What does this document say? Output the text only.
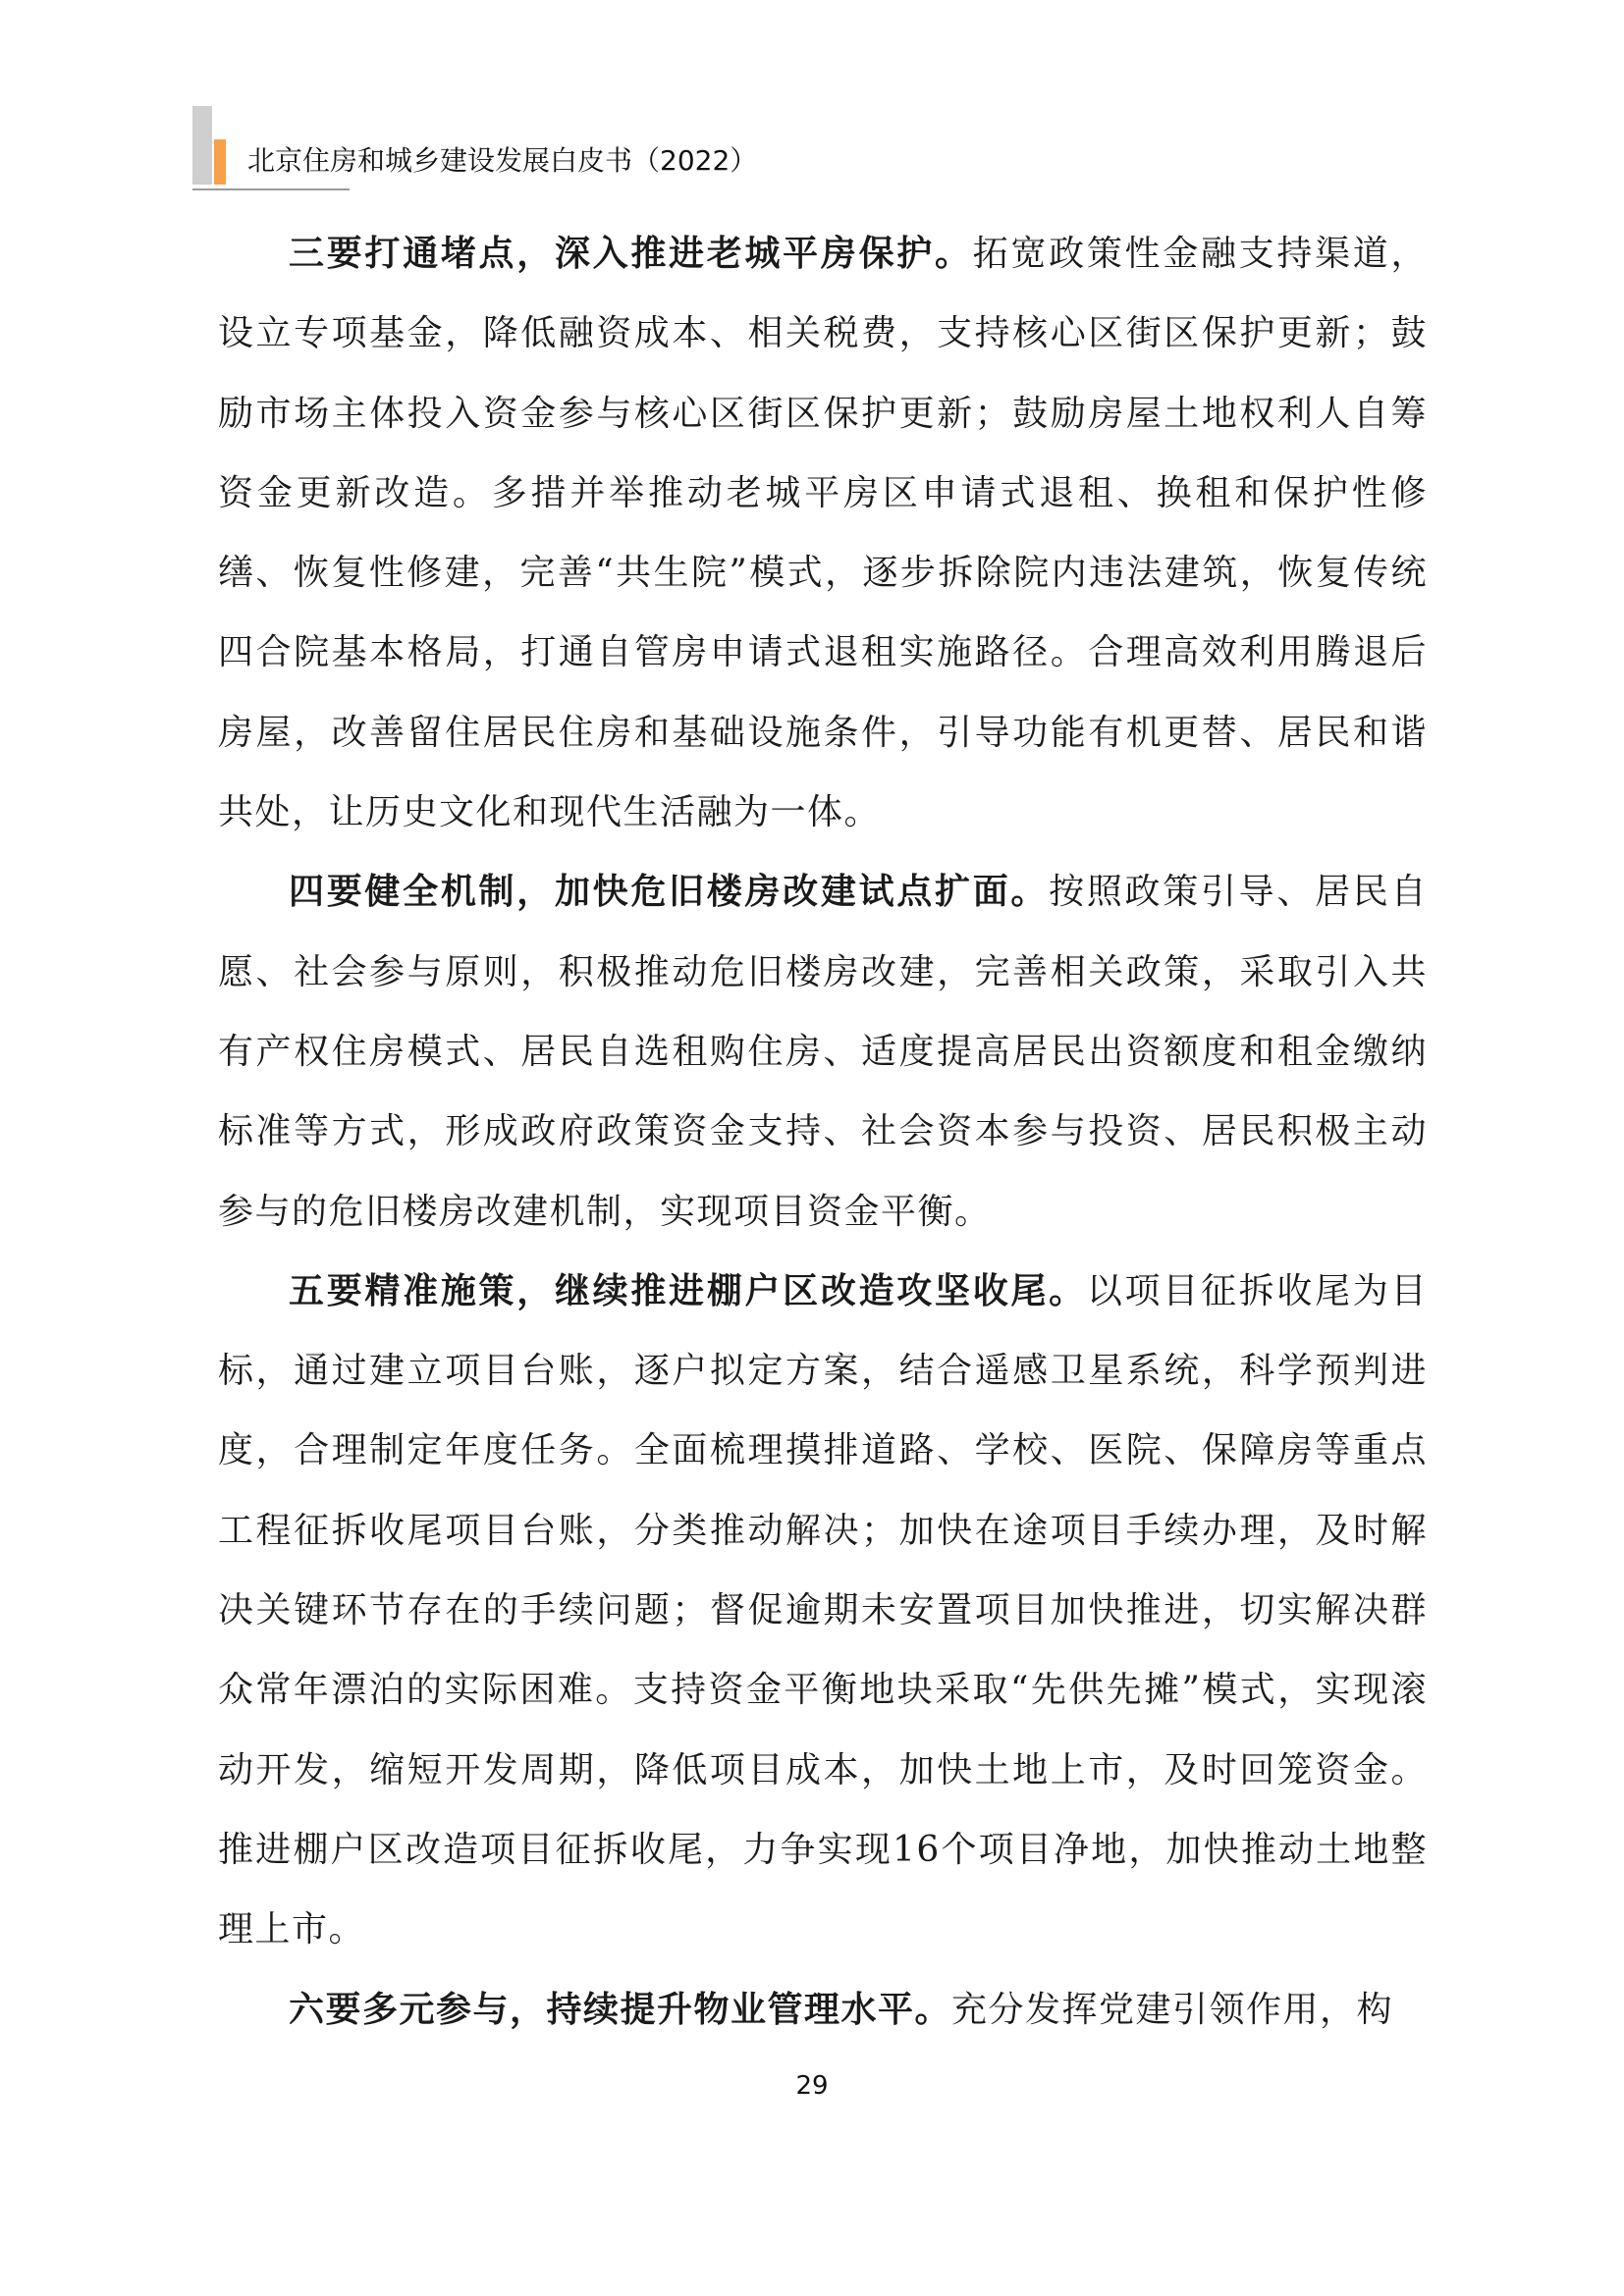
北京住房和城乡建设发展白皮书（2022）

三要打通堵点，深入推进老城平房保护。拓宽政策性金融支持渠道，设立专项基金，降低融资成本、相关税费，支持核心区街区保护更新；鼓励市场主体投入资金参与核心区街区保护更新；鼓励房屋土地权利人自筹资金更新改造。多措并举推动老城平房区申请式退租、换租和保护性修缮、恢复性修建，完善“共生院”模式，逐步拆除院内违法建筑，恢复传统四合院基本格局，打通自管房申请式退租实施路径。合理高效利用腾退后房屋，改善留住居民住房和基础设施条件，引导功能有机更替、居民和谐共处，让历史文化和现代生活融为一体。

四要健全机制，加快危旧楼房改建试点扩面。按照政策引导、居民自愿、社会参与原则，积极推动危旧楼房改建，完善相关政策，采取引入共有产权住房模式、居民自选租购住房、适度提高居民出资额度和租金缴纳标准等方式，形成政府政策资金支持、社会资本参与投资、居民积极主动参与的危旧楼房改建机制，实现项目资金平衡。

五要精准施策，继续推进棚户区改造攻坚收尾。以项目征拆收尾为目标，通过建立项目台账，逐户拟定方案，结合遥感卫星系统，科学预判进度，合理制定年度任务。全面梳理摸排道路、学校、医院、保障房等重点工程征拆收尾项目台账，分类推动解决；加快在途项目手续办理，及时解决关键环节存在的手续问题；督促逾期未安置项目加快推进，切实解决群众常年漂泊的实际困难。支持资金平衡地块采取“先供先摊”模式，实现滚动开发，缩短开发周期，降低项目成本，加快土地上市，及时回笼资金。推进棚户区改造项目征拆收尾，力争实现16个项目净地，加快推动土地整理上市。

六要多元参与，持续提升物业管理水平。充分发挥党建引领作用，构

29
